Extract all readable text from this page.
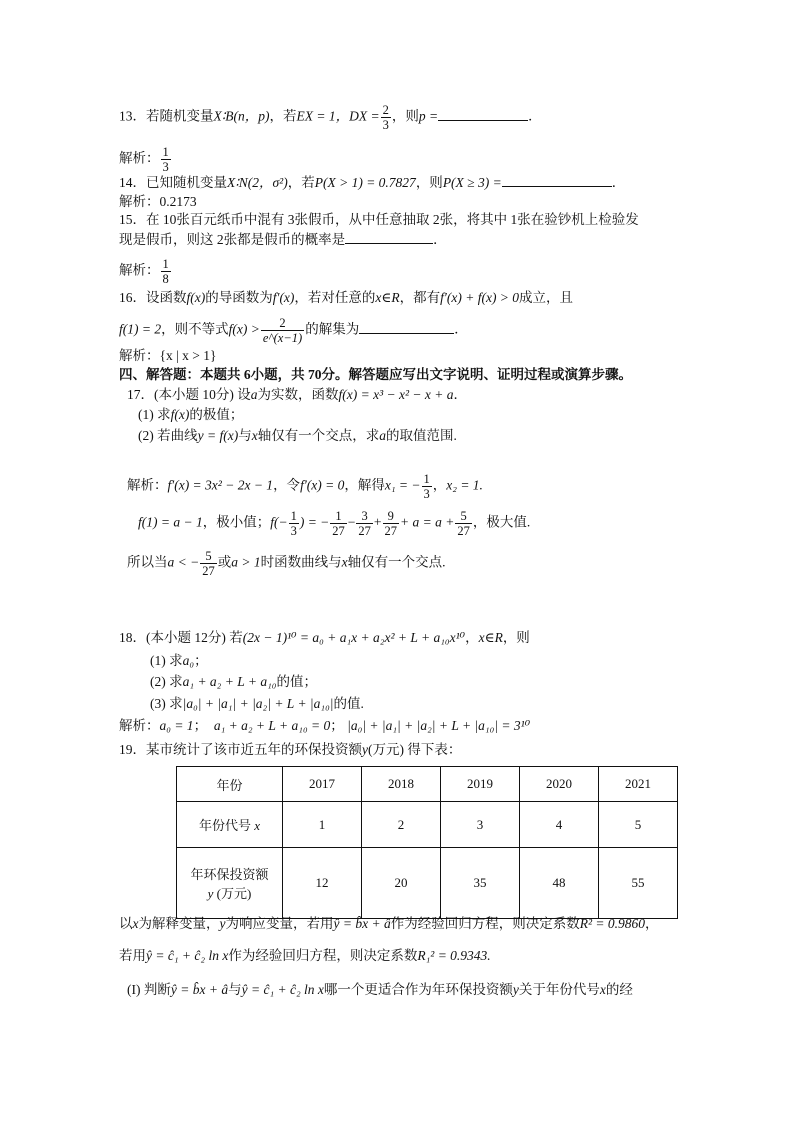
13．若随机变量X∶B(n，p)，若EX = 1，DX = $\frac{2}{3}$ ，则p =	．
解析： $\frac{1}{3}$
14．已知随机变量X∶N(2，σ²)，若P(X > 1) = 0.7827，则P(X ≥ 3) =	．
解析：0.2173
15．在 10张百元纸币中混有 3张假币，从中任意抽取 2张，将其中 1张在验钞机上检验发
现是假币，则这 2张都是假币的概率是	．
解析： $\frac{1}{8}$
16．设函数f(x)的导函数为f′(x)，若对任意的x∈R，都有f′(x) + f(x) > 0成立，且
f(1) = 2，则不等式$f(x) > \frac{2}{e\^{}(x-1)}$ 的解集为	．
解析：{x | x > 1}
四、解答题：本题共 6小题，共 70分。解答题应写出文字说明、证明过程或演算步骤。
17．(本小题 10分) 设a为实数，函数f(x) = x³ − x² − x + a．
(1) 求f(x)的极值；
(2) 若曲线y = f(x)与x轴仅有一个交点，求a的取值范围.
解析：f′(x) = 3x² − 2x − 1，令f′(x) = 0，解得x₁ = − $\frac{1}{3}$ ，x₂ = 1.
f(1) = a − 1，极小值；$f(- \frac{1}{3}$ ) = − $\frac{1}{27} - \frac{3}{27} + \frac{9}{27} + a = a + \frac{5}{27}$ ，极大值.
所以当a < − $\frac{5}{27}$ 或a > 1时函数曲线与x轴仅有一个交点.
18．(本小题 12分) 若(2x − 1)¹⁰ = a₀ + a₁x + a₂x² + L + a₁₀x¹⁰，x∈R，则
(1) 求a₀；
(2) 求a₁ + a₂ + L + a₁₀的值；
(3) 求|a₀| + |a₁| + |a₂| + L + |a₁₀|的值.
解析：a₀ = 1； a₁ + a₂ + L + a₁₀ = 0； |a₀| + |a₁| + |a₂| + L + |a₁₀| = 3¹⁰
19．某市统计了该市近五年的环保投资额y(万元) 得下表：
年份	2017	2018	2019	2020	2021
年份代号 x	1	2	3	4	5
年环保投资额
y (万元)	12	20	35	48	55
以x为解释变量，y为响应变量，若用ŷ = b̂x + â作为经验回归方程，则决定系数R² = 0.9860，
若用ŷ = ĉ₁ + ĉ₂ ln x作为经验回归方程，则决定系数R₁² = 0.9343.
(I) 判断ŷ = b̂x + â与ŷ = ĉ₁ + ĉ₂ ln x哪一个更适合作为年环保投资额y关于年份代号x的经
